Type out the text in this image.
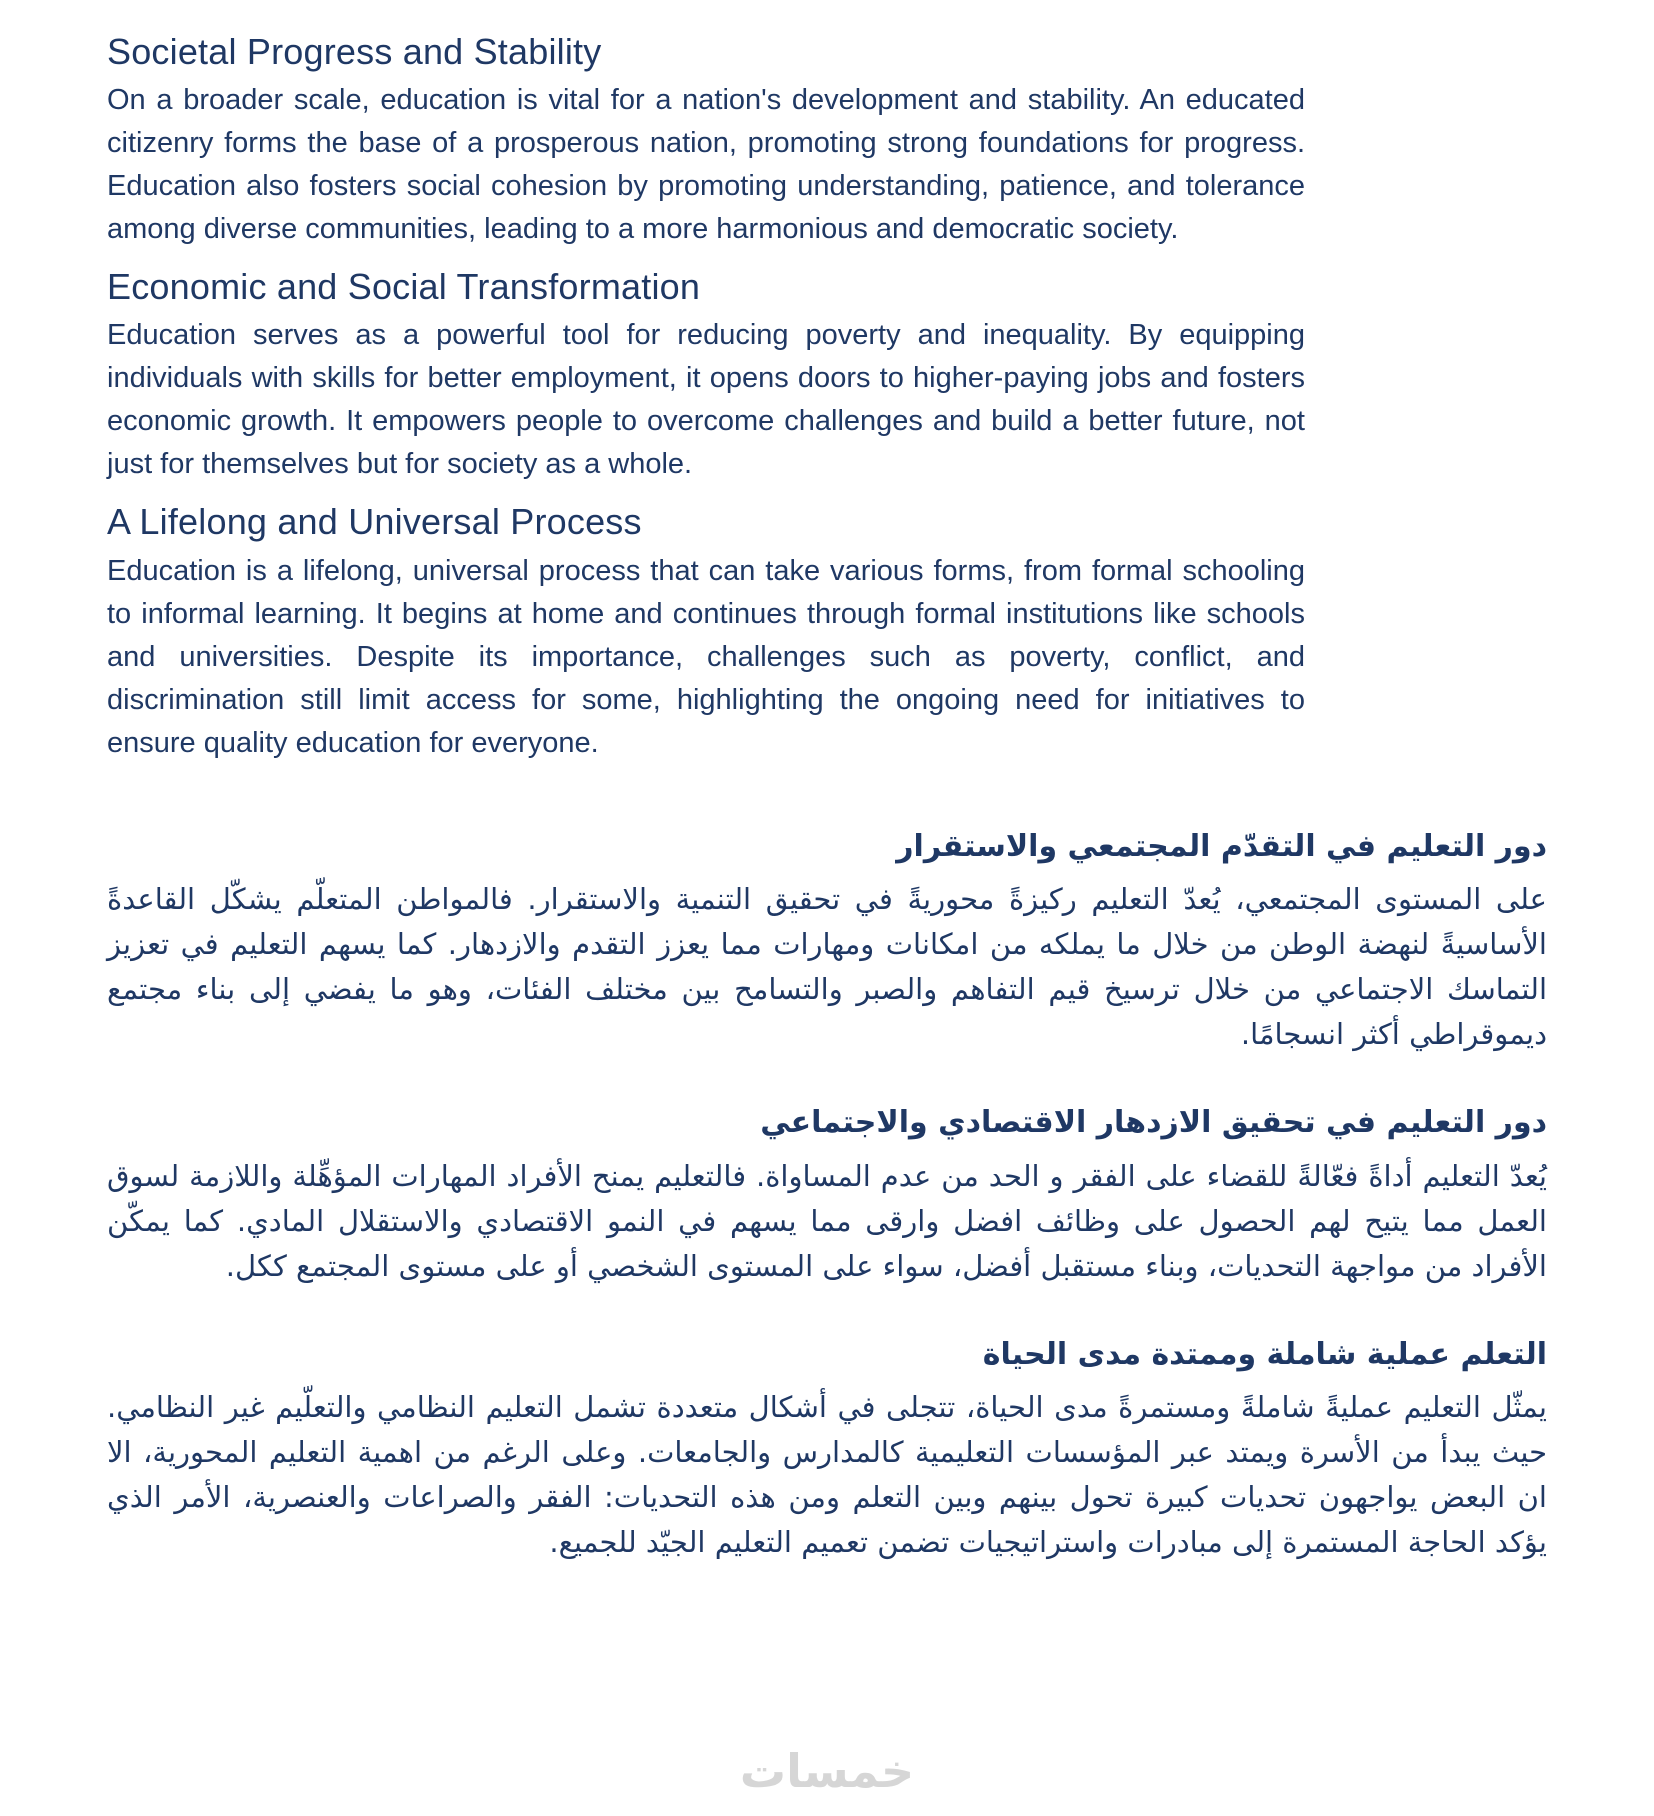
Societal Progress and Stability

On a broader scale, education is vital for a nation's development and stability. An educated citizenry forms the base of a prosperous nation, promoting strong foundations for progress. Education also fosters social cohesion by promoting understanding, patience, and tolerance among diverse communities, leading to a more harmonious and democratic society.

Economic and Social Transformation

Education serves as a powerful tool for reducing poverty and inequality. By equipping individuals with skills for better employment, it opens doors to higher-paying jobs and fosters economic growth. It empowers people to overcome challenges and build a better future, not just for themselves but for society as a whole.

A Lifelong and Universal Process

Education is a lifelong, universal process that can take various forms, from formal schooling to informal learning. It begins at home and continues through formal institutions like schools and universities. Despite its importance, challenges such as poverty, conflict, and discrimination still limit access for some, highlighting the ongoing need for initiatives to ensure quality education for everyone.

دور التعليم في التقدّم المجتمعي والاستقرار

على المستوى المجتمعي، يُعدّ التعليم ركيزةً محوريةً في تحقيق التنمية والاستقرار. فالمواطن المتعلّم يشكّل القاعدةً الأساسيةً لنهضة الوطن من خلال ما يملكه من امكانات ومهارات مما يعزز التقدم والازدهار. كما يسهم التعليم في تعزيز التماسك الاجتماعي من خلال ترسيخ قيم التفاهم والصبر والتسامح بين مختلف الفئات، وهو ما يفضي إلى بناء مجتمع ديموقراطي أكثر انسجامًا.

دور التعليم في تحقيق الازدهار الاقتصادي والاجتماعي

يُعدّ التعليم أداةً فعّالةً للقضاء على الفقر و الحد من عدم المساواة. فالتعليم يمنح الأفراد المهارات المؤهِّلة واللازمة لسوق العمل مما يتيح لهم الحصول على وظائف افضل وارقى مما يسهم في النمو الاقتصادي والاستقلال المادي. كما يمكّن الأفراد من مواجهة التحديات، وبناء مستقبل أفضل، سواء على المستوى الشخصي أو على مستوى المجتمع ككل.

التعلم عملية شاملة وممتدة مدى الحياة

يمثّل التعليم عمليةً شاملةً ومستمرةً مدى الحياة، تتجلى في أشكال متعددة تشمل التعليم النظامي والتعلّيم غير النظامي. حيث يبدأ من الأسرة ويمتد عبر المؤسسات التعليمية كالمدارس والجامعات. وعلى الرغم من اهمية التعليم المحورية، الا ان البعض يواجهون تحديات كبيرة تحول بينهم وبين التعلم ومن هذه التحديات: الفقر والصراعات والعنصرية، الأمر الذي يؤكد الحاجة المستمرة إلى مبادرات واستراتيجيات تضمن تعميم التعليم الجيّد للجميع.

خمسات
